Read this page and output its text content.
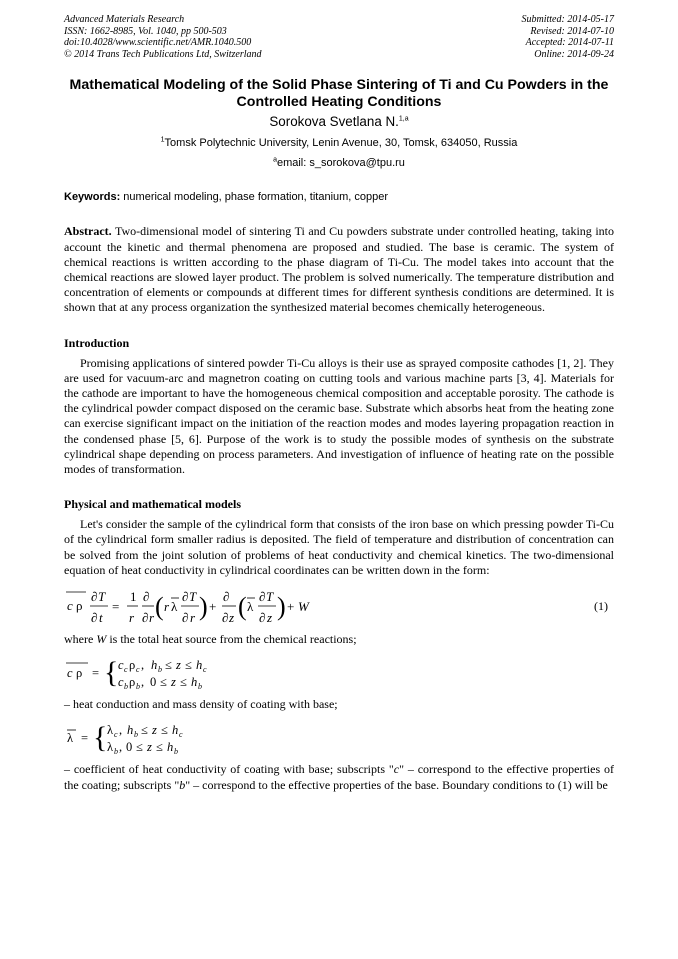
Advanced Materials Research
ISSN: 1662-8985, Vol. 1040, pp 500-503
doi:10.4028/www.scientific.net/AMR.1040.500
© 2014 Trans Tech Publications Ltd, Switzerland
Submitted: 2014-05-17
Revised: 2014-07-10
Accepted: 2014-07-11
Online: 2014-09-24
Mathematical Modeling of the Solid Phase Sintering of Ti and Cu Powders in the Controlled Heating Conditions
Sorokova Svetlana N.$^{1,a}$
$^1$Tomsk Polytechnic University, Lenin Avenue, 30, Tomsk, 634050, Russia
$^a$email: s_sorokova@tpu.ru
Keywords: numerical modeling, phase formation, titanium, copper

Abstract. Two-dimensional model of sintering Ti and Cu powders substrate under controlled heating, taking into account the kinetic and thermal phenomena are proposed and studied. The base is ceramic. The system of chemical reactions is written according to the phase diagram of Ti-Cu. The model takes into account that the chemical reactions are slowed layer product. The problem is solved numerically. The temperature distribution and concentration of elements or compounds at different times for different synthesis conditions are determined. It is shown that at any process organization the synthesized material becomes chemically heterogeneous.

Introduction

Promising applications of sintered powder Ti-Cu alloys is their use as sprayed composite cathodes [1, 2]. They are used for vacuum-arc and magnetron coating on cutting tools and various machine parts [3, 4]. Materials for the cathode are important to have the homogeneous chemical composition and acceptable porosity. The cathode is the cylindrical powder compact disposed on the ceramic base. Substrate which absorbs heat from the heating zone can exercise significant impact on the initiation of the reaction modes and modes layering propagation reaction in the condensed phase [5, 6]. Purpose of the work is to study the possible modes of synthesis on the substrate cylindrical shape depending on process parameters. And investigation of influence of heating rate on the possible modes of transformation.

Physical and mathematical models

Let's consider the sample of the cylindrical form that consists of the iron base on which pressing powder Ti-Cu of the cylindrical form smaller radius is deposited. The field of temperature and distribution of concentration can be solved from the joint solution of problems of heat conductivity and chemical kinetics. The two-dimensional equation of heat conductivity in cylindrical coordinates can be written down in the form:

c ρ
∂ T
∂ t
=
1
r
∂
∂ r ( r λ
∂ T
∂ r ) +
∂
∂ z ( λ
∂ T
∂ z ) + W	(1)

where W is the total heat source from the chemical reactions;

c ρ = { c c ρ c , h b ≤ z ≤ h c
c b ρ b , 0 ≤ z ≤ h b

– heat conduction and mass density of coating with base;

λ = { λ c , h b ≤ z ≤ h c
λ b , 0 ≤ z ≤ h b

– coefficient of heat conductivity of coating with base; subscripts "c" – correspond to the effective properties of the coating; subscripts "b" – correspond to the effective properties of the base. Boundary conditions to (1) will be
